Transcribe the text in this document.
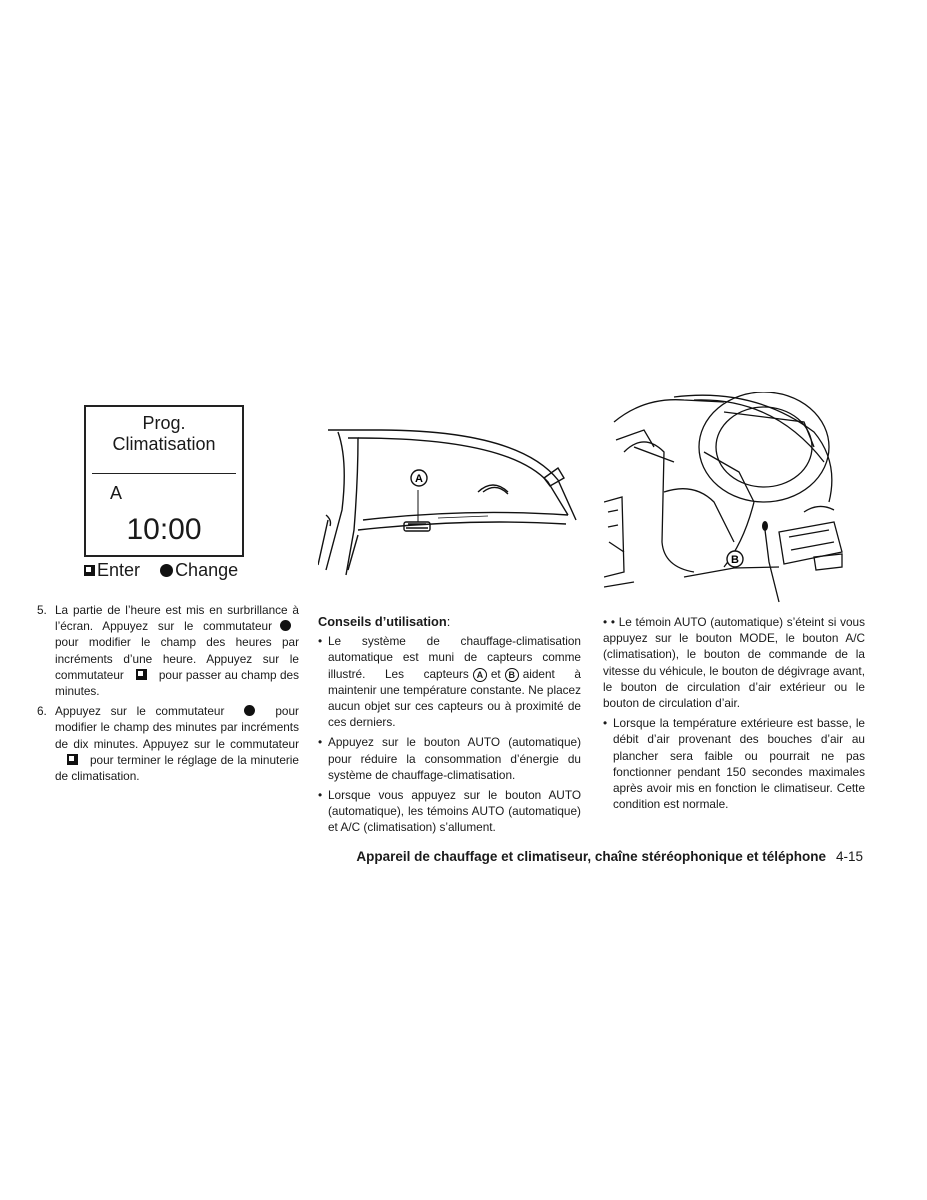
Prog.
Climatisation
A
10:00
Enter Change
A
B
5. La partie de l’heure est mis en surbrillance à l’écran. Appuyez sur le commutateur pour modifier le champ des heures par incréments d’une heure. Appuyez sur le commutateur	pour passer au champ des minutes.

6. Appuyez sur le commutateur	pour modifier le champ des minutes par incréments de dix minutes. Appuyez sur le commutateurpour terminer le réglage de la minuterie de climatisation.

Conseils d’utilisation:
• Le système de chauffage-climatisation automatique est muni de capteurs comme illustré. Les capteurs A et B aident à maintenir une température constante. Ne placez aucun objet sur ces capteurs ou à proximité de ces derniers.

• Appuyez sur le bouton AUTO (automatique) pour réduire la consommation d’énergie du système de chauffage-climatisation.

• Lorsque vous appuyez sur le bouton AUTO (automatique), les témoins AUTO (automatique) et A/C (climatisation) s’allument.

• • Le témoin AUTO (automatique) s’éteint si vous appuyez sur le bouton MODE, le bouton A/C (climatisation), le bouton de commande de la vitesse du véhicule, le bouton de dégivrage avant, le bouton de circulation d’air extérieur ou le bouton de circulation d’air.

• Lorsque la température extérieure est basse, le débit d’air provenant des bouches d’air au plancher sera faible ou pourrait ne pas fonctionner pendant 150 secondes maximales après avoir mis en fonction le climatiseur. Cette condition est normale.

Appareil de chauffage et climatiseur, chaîne stéréophonique et téléphone 4-15
